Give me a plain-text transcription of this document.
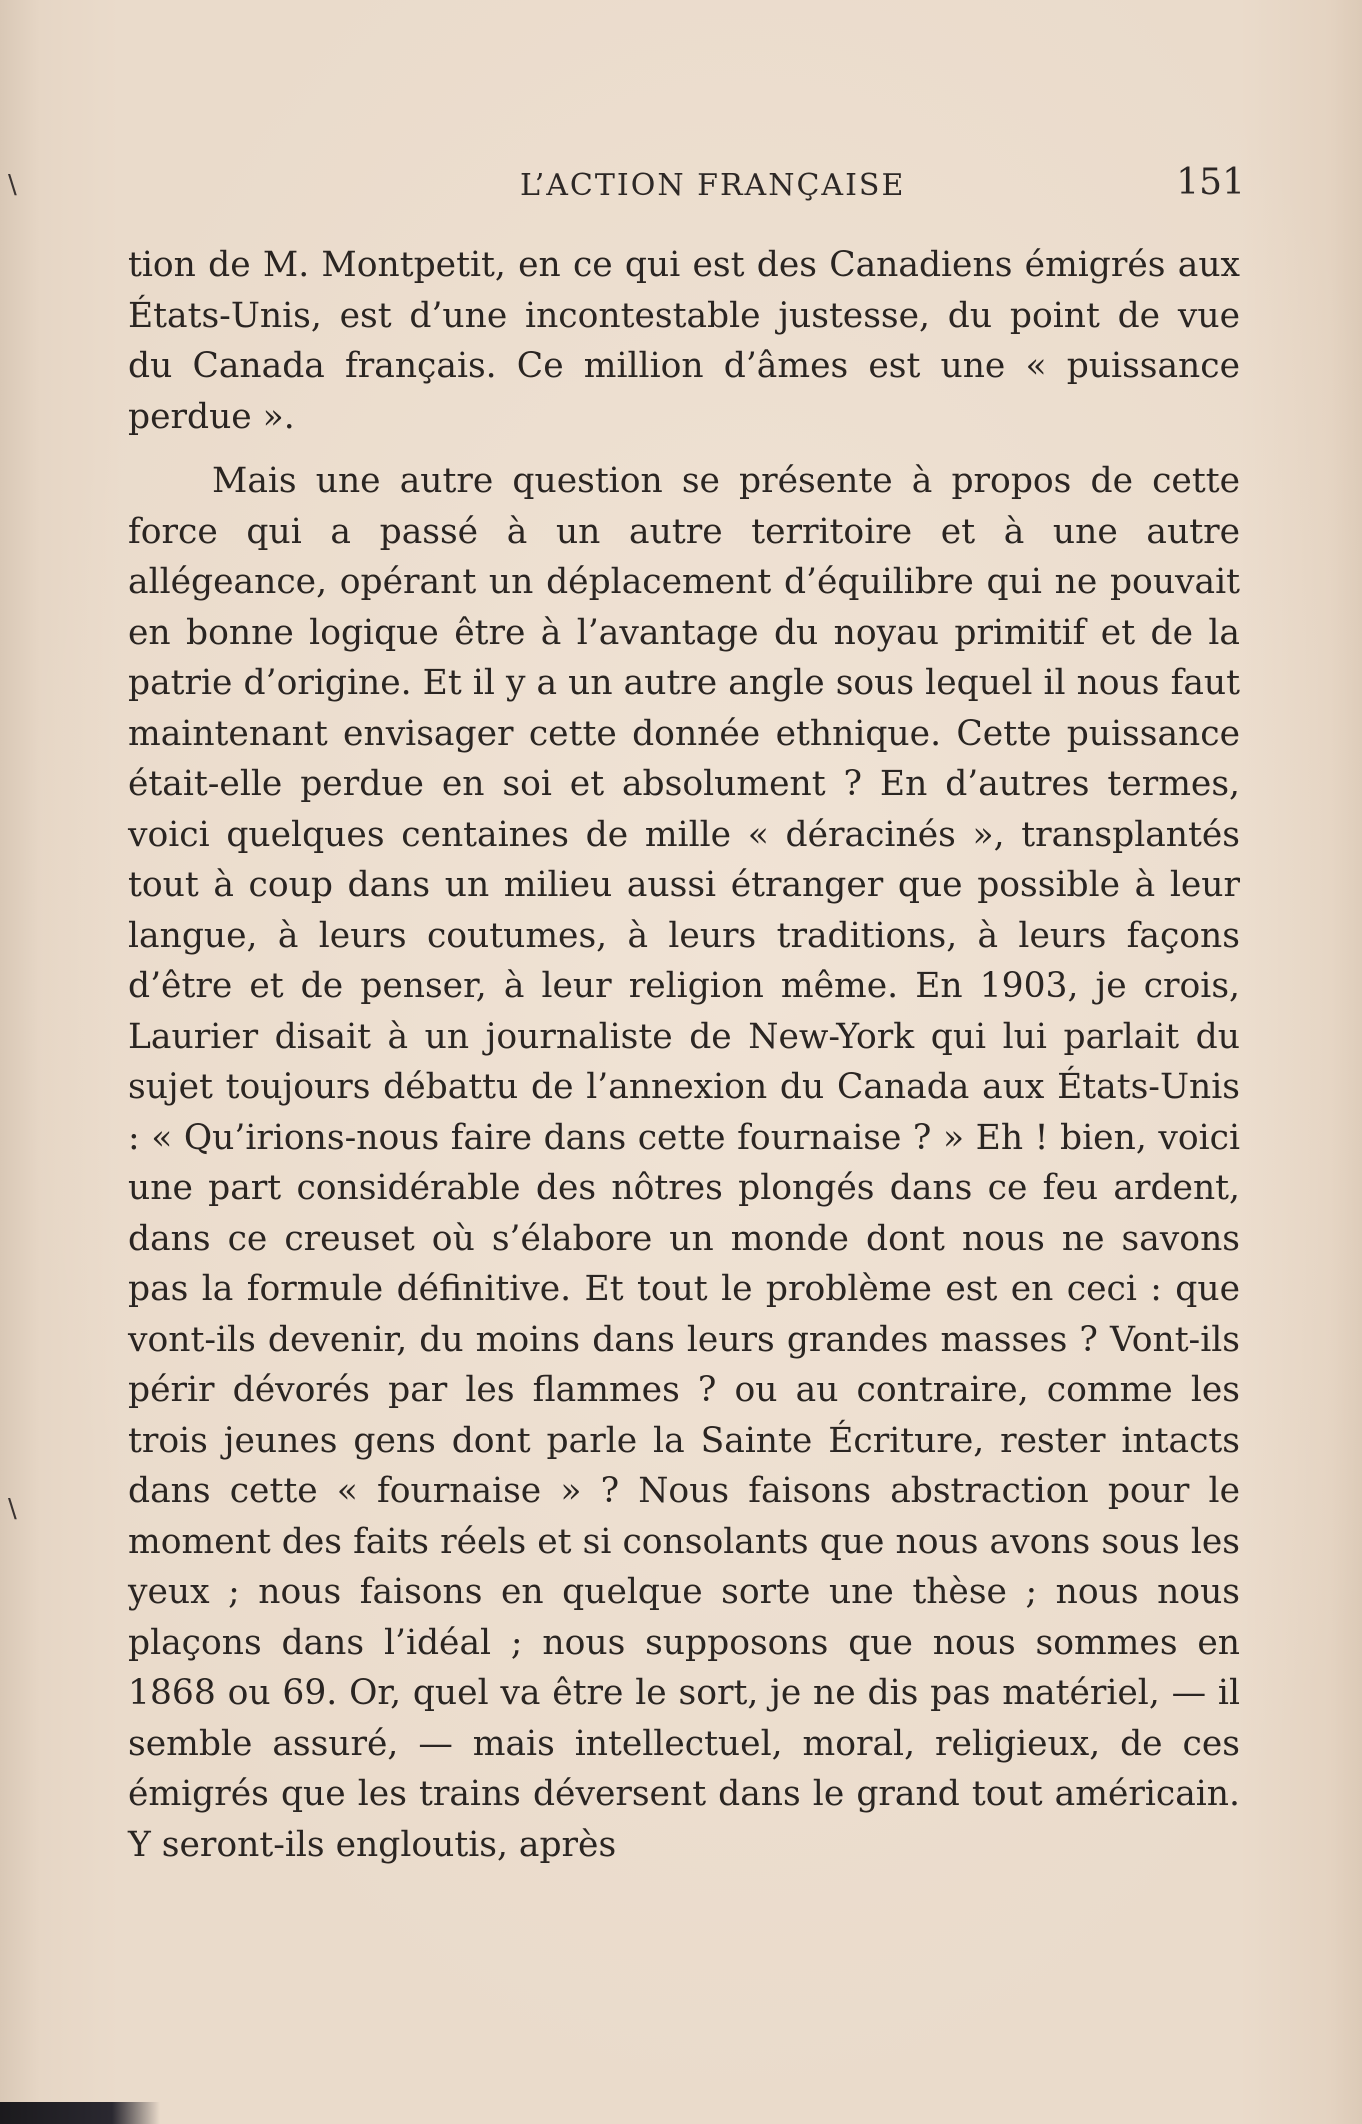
\
\
L’ACTION FRANÇAISE	151

tion de M. Montpetit, en ce qui est des Canadiens émigrés aux États-Unis, est d’une incontestable justesse, du point de vue du Canada français. Ce million d’âmes est une « puissance perdue ».

Mais une autre question se présente à propos de cette force qui a passé à un autre territoire et à une autre allégeance, opérant un déplacement d’équilibre qui ne pouvait en bonne logique être à l’avantage du noyau primitif et de la patrie d’origine. Et il y a un autre angle sous lequel il nous faut maintenant envisager cette donnée ethnique. Cette puissance était-elle perdue en soi et absolument ? En d’autres termes, voici quelques centaines de mille « déracinés », transplantés tout à coup dans un milieu aussi étranger que possible à leur langue, à leurs coutumes, à leurs traditions, à leurs façons d’être et de penser, à leur religion même. En 1903, je crois, Laurier disait à un journaliste de New-York qui lui parlait du sujet toujours débattu de l’annexion du Canada aux États-Unis : « Qu’irions-nous faire dans cette fournaise ? » Eh ! bien, voici une part considérable des nôtres plongés dans ce feu ardent, dans ce creuset où s’élabore un monde dont nous ne savons pas la formule définitive. Et tout le problème est en ceci : que vont-ils devenir, du moins dans leurs grandes masses ? Vont-ils périr dévorés par les flammes ? ou au contraire, comme les trois jeunes gens dont parle la Sainte Écriture, rester intacts dans cette « fournaise » ? Nous faisons abstraction pour le moment des faits réels et si consolants que nous avons sous les yeux ; nous faisons en quelque sorte une thèse ; nous nous plaçons dans l’idéal ; nous supposons que nous sommes en 1868 ou 69. Or, quel va être le sort, je ne dis pas matériel, — il semble assuré, — mais intellectuel, moral, religieux, de ces émigrés que les trains déversent dans le grand tout américain. Y seront-ils engloutis, après
